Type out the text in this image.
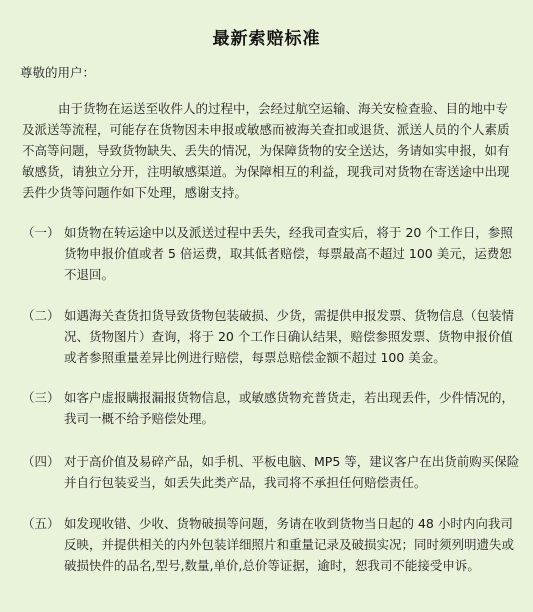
最新索赔标准
尊敬的用户：

由于货物在运送至收件人的过程中，会经过航空运输、海关安检查验、目的地中专及派送等流程，可能存在货物因未申报或敏感而被海关查扣或退货、派送人员的个人素质不高等问题，导致货物缺失、丢失的情况，为保障货物的安全送达，务请如实申报，如有敏感货，请独立分开，注明敏感渠道。为保障相互的利益，现我司对货物在寄送途中出现丢件少货等问题作如下处理，感谢支持。

（一） 如货物在转运途中以及派送过程中丢失，经我司查实后，将于 20 个工作日，参照货物申报价值或者 5 倍运费，取其低者赔偿，每票最高不超过 100 美元，运费恕不退回。
（二） 如遇海关查货扣货导致货物包装破损、少货，需提供申报发票、货物信息（包装情况、货物图片）查询，将于 20 个工作日确认结果，赔偿参照发票、货物申报价值或者参照重量差异比例进行赔偿，每票总赔偿金额不超过 100 美金。
（三） 如客户虚报瞒报漏报货物信息，或敏感货物充普货走，若出现丢件，少件情况的，我司一概不给予赔偿处理。
（四） 对于高价值及易碎产品，如手机、平板电脑、MP5 等，建议客户在出货前购买保险并自行包装妥当，如丢失此类产品，我司将不承担任何赔偿责任。
（五） 如发现收错、少收、货物破损等问题，务请在收到货物当日起的 48 小时内向我司反映，并提供相关的内外包装详细照片和重量记录及破损实况；同时须列明遗失或破损快件的品名,型号,数量,单价,总价等证据，逾时，恕我司不能接受申诉。
